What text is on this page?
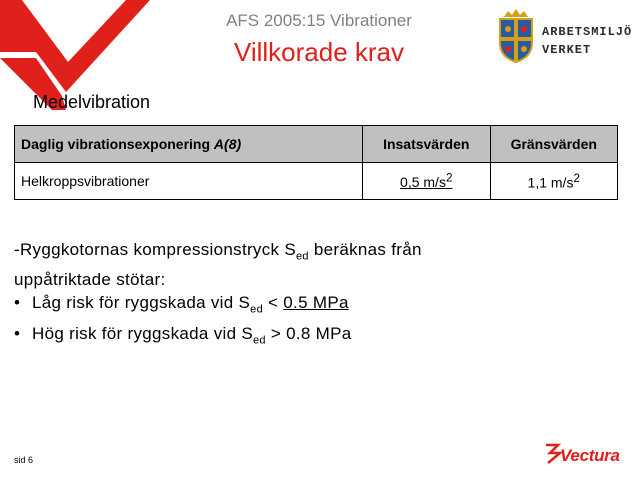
AFS 2005:15 Vibrationer
Villkorade krav
ARBETSMILJÖ
VERKET
Medelvibration
Daglig vibrationsexponering A(8)	Insatsvärden	Gränsvärden
Helkroppsvibrationer	0,5 $m/s^2$	1,1 $m/s^2$

-Ryggkotornas kompressionstryck $S_{ed}$ beräknas från

uppåtriktade stötar:

• Låg risk för ryggskada vid $S_{ed} < 0.5$ MPa

• Hög risk för ryggskada vid $S_{ed} > 0.8$ MPa

sid 6	Vectura
